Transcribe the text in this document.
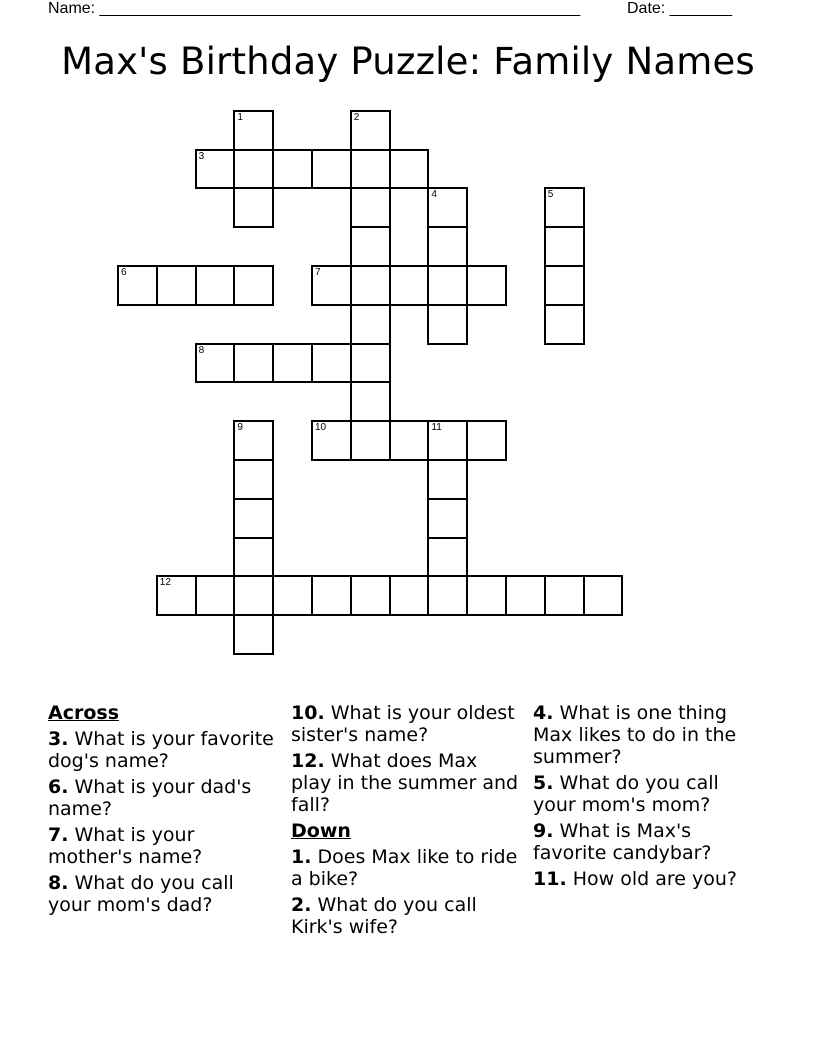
Name: ______________________________________________________	Date: _______
Max's Birthday Puzzle: Family Names
1	2
3
4	5
6	7
8
9	10	11
12
Across
3. What is your favorite dog's name?
6. What is your dad's name?
7. What is your mother's name?
8. What do you call your mom's dad?
10. What is your oldest sister's name?
12. What does Max play in the summer and fall?
Down
1. Does Max like to ride a bike?
2. What do you call Kirk's wife?
4. What is one thing Max likes to do in the summer?
5. What do you call your mom's mom?
9. What is Max's favorite candybar?
11. How old are you?
